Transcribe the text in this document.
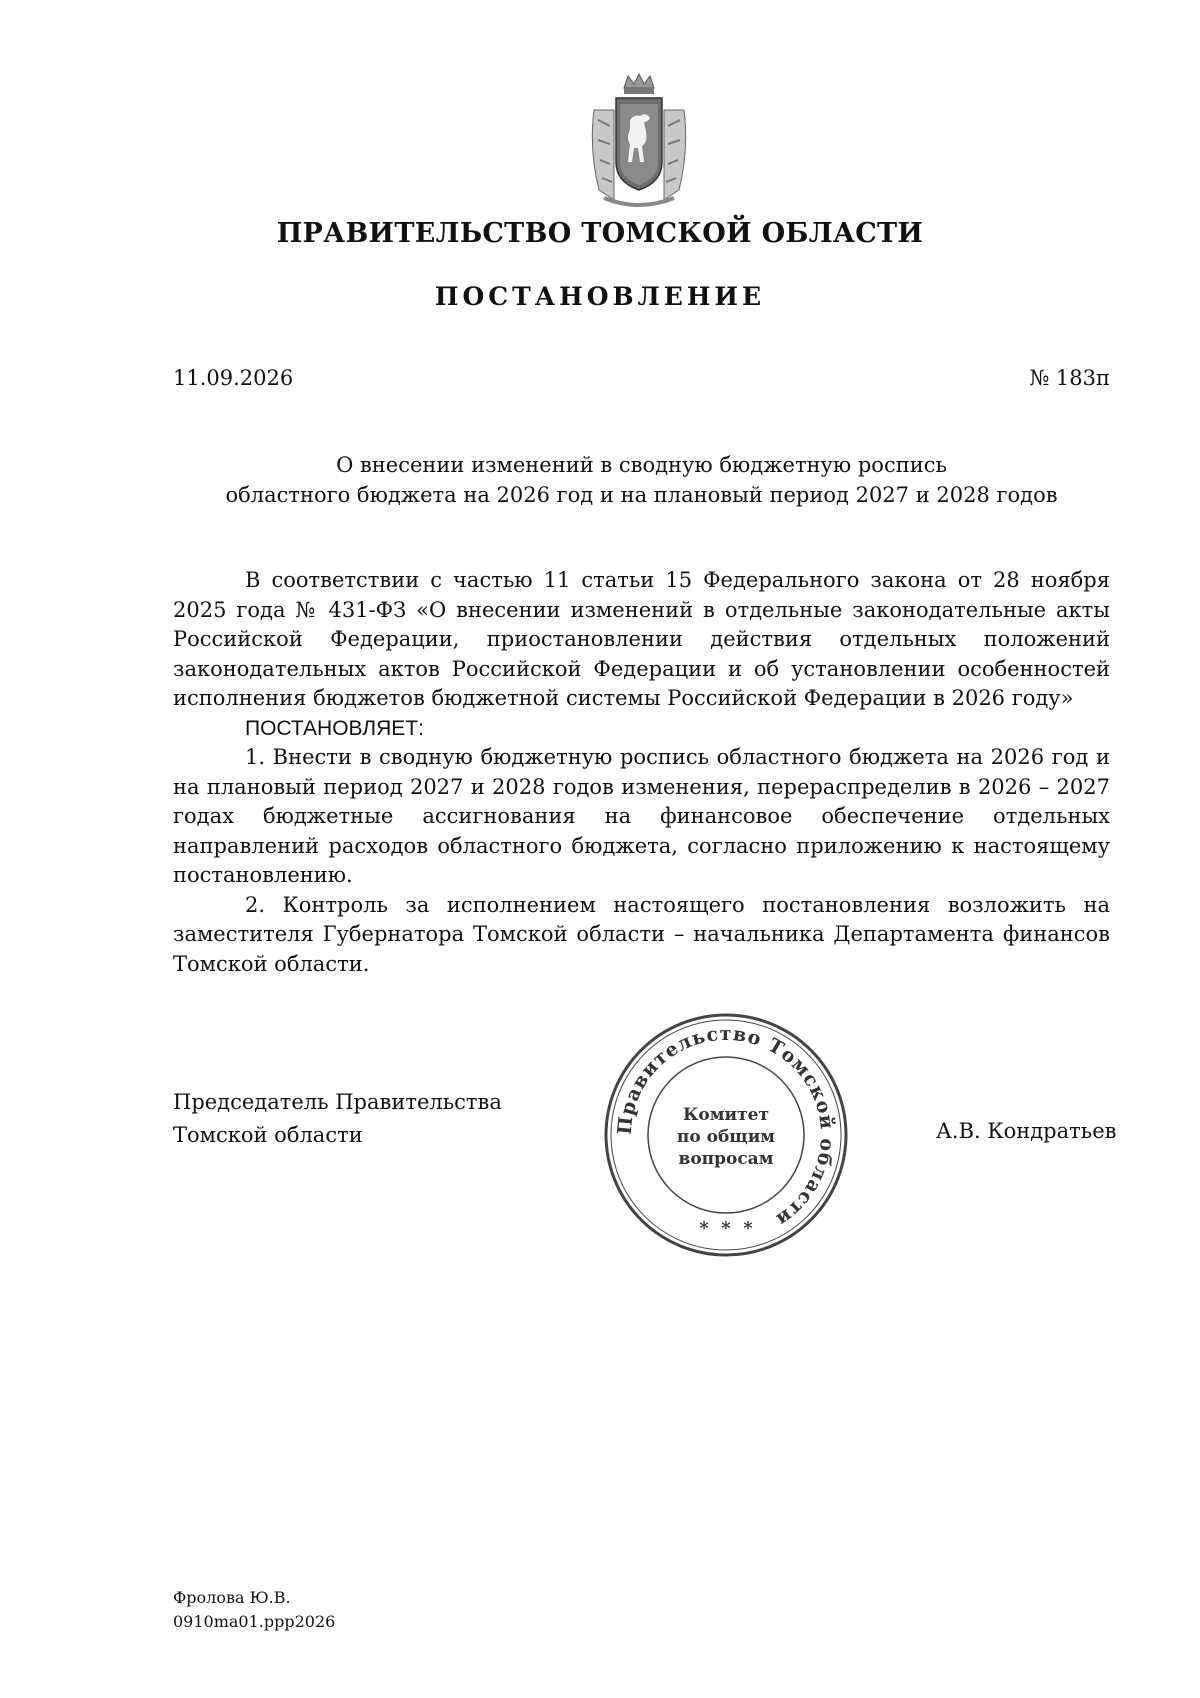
ПРАВИТЕЛЬСТВО ТОМСКОЙ ОБЛАСТИ
ПОСТАНОВЛЕНИЕ
11.09.2026	№ 183п
О внесении изменений в сводную бюджетную роспись
областного бюджета на 2026 год и на плановый период 2027 и 2028 годов

В соответствии с частью 11 статьи 15 Федерального закона от 28 ноября 2025 года № 431-ФЗ «О внесении изменений в отдельные законодательные акты Российской Федерации, приостановлении действия отдельных положений законодательных актов Российской Федерации и об установлении особенностей исполнения бюджетов бюджетной системы Российской Федерации в 2026 году»

ПОСТАНОВЛЯЕТ:

1. Внести в сводную бюджетную роспись областного бюджета на 2026 год и на плановый период 2027 и 2028 годов изменения, перераспределив в 2026 – 2027 годах бюджетные ассигнования на финансовое обеспечение отдельных направлений расходов областного бюджета, согласно приложению к настоящему постановлению.

2. Контроль за исполнением настоящего постановления возложить на заместителя Губернатора Томской области – начальника Департамента финансов Томской области.

Председатель Правительства
Томской области	А.В. Кондратьев
Правительство Томской области
Комитет
по общим
вопросам
*  *  *
Фролова Ю.В.
0910ma01.ppp2026
